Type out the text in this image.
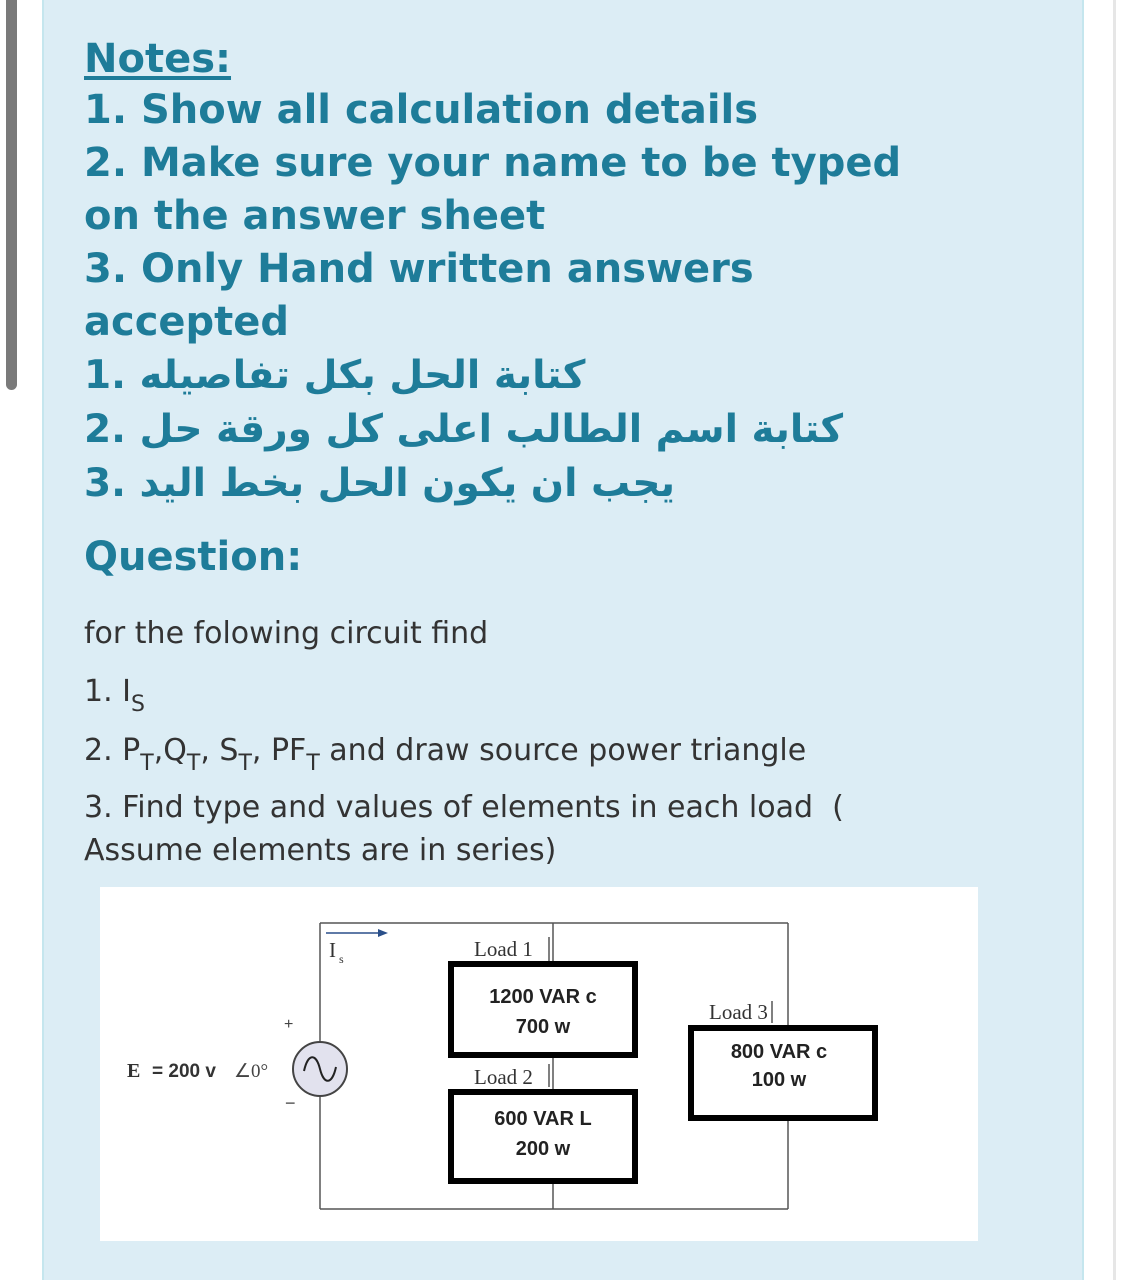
Notes:

1. Show all calculation details

2. Make sure your name to be typed

on the answer sheet

3. Only Hand written answers

accepted

كتابة الحل بكل تفاصيله .1
كتابة اسم الطالب اعلى كل ورقة حل .2
يجب ان يكون الحل بخط اليد .3
Question:

for the folowing circuit find

1. $I_S$

2. $P_T,Q_T$, $S_T$, $PF_T$ and draw source power triangle

3. Find type and values of elements in each load  (

Assume elements are in series)

I s
+
−
E = 200 v ∠0°
Load 1
1200 VAR c
700 w
Load 2
600 VAR L
200 w
Load 3
800 VAR c
100 w
